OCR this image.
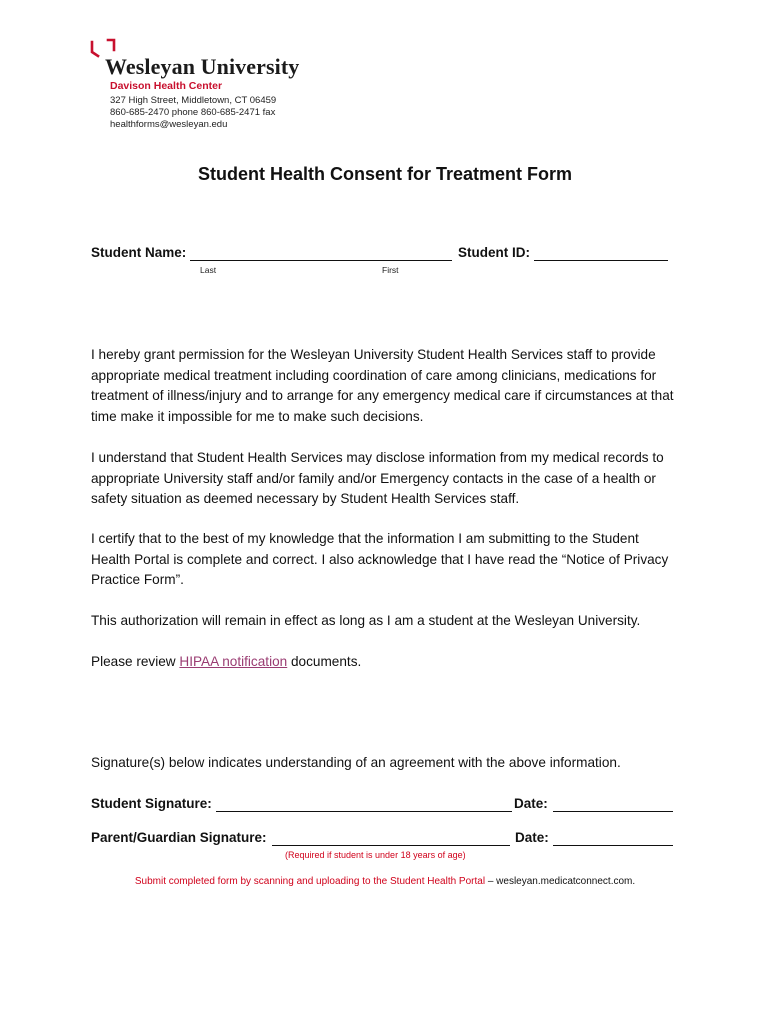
Wesleyan University
Davison Health Center
327 High Street, Middletown, CT 06459
860-685-2470 phone 860-685-2471 fax
healthforms@wesleyan.edu
Student Health Consent for Treatment Form
Student Name:	Student ID:
Last	First
I hereby grant permission for the Wesleyan University Student Health Services staff to provide appropriate medical treatment including coordination of care among clinicians, medications for treatment of illness/injury and to arrange for any emergency medical care if circumstances at that time make it impossible for me to make such decisions.
I understand that Student Health Services may disclose information from my medical records to appropriate University staff and/or family and/or Emergency contacts in the case of a health or safety situation as deemed necessary by Student Health Services staff.
I certify that to the best of my knowledge that the information I am submitting to the Student Health Portal is complete and correct. I also acknowledge that I have read the “Notice of Privacy Practice Form”.
This authorization will remain in effect as long as I am a student at the Wesleyan University.
Please review HIPAA notification documents.
Signature(s) below indicates understanding of an agreement with the above information.
Student Signature:	Date:
Parent/Guardian Signature:	Date:
(Required if student is under 18 years of age)
Submit completed form by scanning and uploading to the Student Health Portal – wesleyan.medicatconnect.com.
